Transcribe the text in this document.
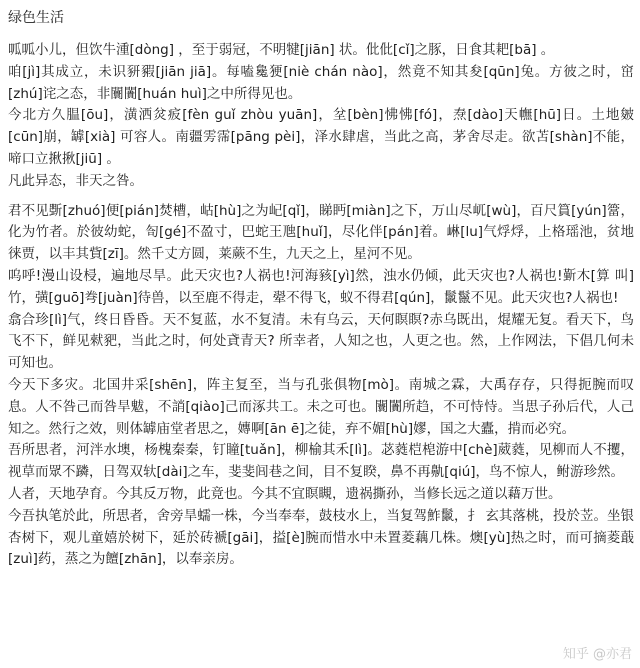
绿色生活

呱呱小儿，但饮牛湩[dòng] ，至于弱冠，不明犍[jiān] 状。仳仳[cǐ]之豚，日食其耙[bā] 。

咱[jì]其成立，未识豜豭[jiān jiā]。每嗑毚㹴[niè chán nào]，然竟不知其夋[qūn]兔。方彼之时，窋[zhú]诧之态，非闤闠[huán huì]之中所得见也。

今北方久腽[ōu]，潢洒炃㽹[fèn guǐ zhòu yuān]，坌[bèn]怫怫[fó]，焘[dào]天幠[hū]日。土地皴[cūn]崩，罅[xià] 可容人。南疆雱霈[pāng pèi]，泽水肆虐，当此之高，茅舍尽走。欲苫[shàn]不能，啼口立揪揪[jiū] 。

凡此异态，非天之咎。

君不见斲[zhuó]便[pián]焚槽，岵[hù]之为屺[qǐ]，睇眄[miàn]之下，万山尽屼[wù]，百尺篔[yún]簹，化为竹者。於彼幼蛇，匌[gé]不盈寸，巴蛇王虺[huǐ]，尽化伴[pán]着。崊[lu]气烰烰，上格瑶池，贫地徕贾，以丰其貲[zī]。然千丈方圆，莱蕨不生，九天之上，星河不见。

呜呼!漫山设梫，遍地尽旱。此天灾也?人祸也!河海豥[yì]然，浊水仍倾，此天灾也?人祸也!斳木[算 叫]竹，彉[guō]弮[juàn]待兽，以至鹿不得走，翚不得飞，蚁不得君[qún]，鬛鬣不见。此天灾也?人祸也!

翕合珍[lì]气，终日昏昏。天不复蓝，水不复清。未有乌云，天何瞑瞑?赤乌既出，焜耀无复。看天下，鸟飞不下，鲜见猌豝，当此之时，何处貣青天? 所幸者，人知之也，人更之也。然，上作网法，下倡几何未可知也。

今天下多灾。北国井采[shēn]，阵主复至，当与孔张俱物[mò]。南城之霖，大禹存存，只得扼腕而叹息。人不咎己而咎旱魃，不誚[qiào]己而涿共工。未之可也。闤闠所趋，不可恃恃。当思子孙后代，人己知之。然行之效，则体罅庙堂者思之，嫥啊[ān ē]之徒，弃不媚[hù]嫪，国之大蠹，掯而必究。

吾所思者，河泮水墺，杨槐秦秦，钉瞳[tuǎn]，柳榆其禾[lì]。苾蕤桤梍游中[chè]葳蕤，见柳而人不攫，视草而眾不蹸，日驾双轪[dài]之车，斐斐闾巷之间，目不复睽，鼻不再鼽[qiú]，鸟不惊人，鲋游珍然。

人者，天地孕育。今其反万物，此竟也。今其不宜瞑瞡，遗祸撕孙，当修长远之道以藉万世。

今吾执笔於此，所思者，舍旁旱蠕一株，今当奉奉，鼓枝水上，当复驾鮓鬛，扌 玄其落桃，投於苙。坐银杏树下，观儿童嬉於树下，延於砖褫[gāi]，搤[è]腕而惜水中未置菱藕几株。燠[yù]热之时，而可摘菱蕺[zuì]药，蒸之为饘[zhān]，以奉亲房。

知乎 @亦君
